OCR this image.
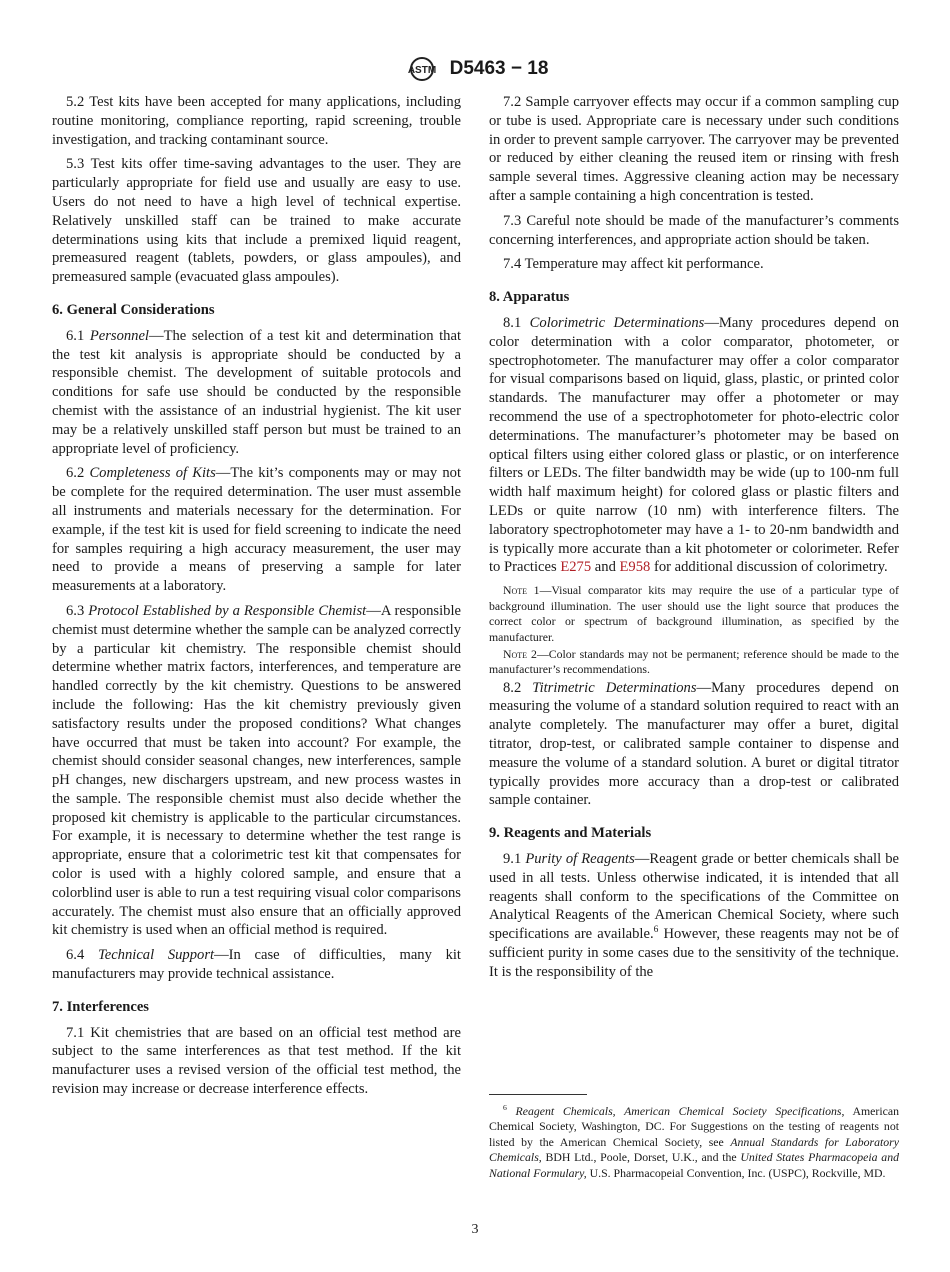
ASTM D5463 − 18
5.2 Test kits have been accepted for many applications, including routine monitoring, compliance reporting, rapid screening, trouble investigation, and tracking contaminant source.
5.3 Test kits offer time-saving advantages to the user. They are particularly appropriate for field use and usually are easy to use. Users do not need to have a high level of technical expertise. Relatively unskilled staff can be trained to make accurate determinations using kits that include a premixed liquid reagent, premeasured reagent (tablets, powders, or glass ampoules), and premeasured sample (evacuated glass ampoules).
6. General Considerations
6.1 Personnel—The selection of a test kit and determination that the test kit analysis is appropriate should be conducted by a responsible chemist. The development of suitable protocols and conditions for safe use should be conducted by the responsible chemist with the assistance of an industrial hygienist. The kit user may be a relatively unskilled staff person but must be trained to an appropriate level of proficiency.
6.2 Completeness of Kits—The kit’s components may or may not be complete for the required determination. The user must assemble all instruments and materials necessary for the determination. For example, if the test kit is used for field screening to indicate the need for samples requiring a high accuracy measurement, the user may need to provide a means of preserving a sample for later measurements at a laboratory.
6.3 Protocol Established by a Responsible Chemist—A responsible chemist must determine whether the sample can be analyzed correctly by a particular kit chemistry. The responsible chemist should determine whether matrix factors, interferences, and temperature are handled correctly by the kit chemistry. Questions to be answered include the following: Has the kit chemistry previously given satisfactory results under the proposed conditions? What changes have occurred that must be taken into account? For example, the chemist should consider seasonal changes, new interferences, sample pH changes, new dischargers upstream, and new process wastes in the sample. The responsible chemist must also decide whether the proposed kit chemistry is applicable to the particular circumstances. For example, it is necessary to determine whether the test range is appropriate, ensure that a colorimetric test kit that compensates for color is used with a highly colored sample, and ensure that a colorblind user is able to run a test requiring visual color comparisons accurately. The chemist must also ensure that an officially approved kit chemistry is used when an official method is required.
6.4 Technical Support—In case of difficulties, many kit manufacturers may provide technical assistance.
7. Interferences
7.1 Kit chemistries that are based on an official test method are subject to the same interferences as that test method. If the kit manufacturer uses a revised version of the official test method, the revision may increase or decrease interference effects.
7.2 Sample carryover effects may occur if a common sampling cup or tube is used. Appropriate care is necessary under such conditions in order to prevent sample carryover. The carryover may be prevented or reduced by either cleaning the reused item or rinsing with fresh sample several times. Aggressive cleaning action may be necessary after a sample containing a high concentration is tested.
7.3 Careful note should be made of the manufacturer’s comments concerning interferences, and appropriate action should be taken.
7.4 Temperature may affect kit performance.
8. Apparatus
8.1 Colorimetric Determinations—Many procedures depend on color determination with a color comparator, photometer, or spectrophotometer. The manufacturer may offer a color comparator for visual comparisons based on liquid, glass, plastic, or printed color standards. The manufacturer may offer a photometer or may recommend the use of a spectrophotometer for photo-electric color determinations. The manufacturer’s photometer may be based on optical filters using either colored glass or plastic, or on interference filters or LEDs. The filter bandwidth may be wide (up to 100-nm full width half maximum height) for colored glass or plastic filters and LEDs or quite narrow (10 nm) with interference filters. The laboratory spectrophotometer may have a 1- to 20-nm bandwidth and is typically more accurate than a kit photometer or colorimeter. Refer to Practices E275 and E958 for additional discussion of colorimetry.
Note 1—Visual comparator kits may require the use of a particular type of background illumination. The user should use the light source that produces the correct color or spectrum of background illumination, as specified by the manufacturer.
Note 2—Color standards may not be permanent; reference should be made to the manufacturer’s recommendations.
8.2 Titrimetric Determinations—Many procedures depend on measuring the volume of a standard solution required to react with an analyte completely. The manufacturer may offer a buret, digital titrator, drop-test, or calibrated sample container to dispense and measure the volume of a standard solution. A buret or digital titrator typically provides more accuracy than a drop-test or calibrated sample container.
9. Reagents and Materials
9.1 Purity of Reagents—Reagent grade or better chemicals shall be used in all tests. Unless otherwise indicated, it is intended that all reagents shall conform to the specifications of the Committee on Analytical Reagents of the American Chemical Society, where such specifications are available.$^6$ However, these reagents may not be of sufficient purity in some cases due to the sensitivity of the technique. It is the responsibility of the
$^6$ Reagent Chemicals, American Chemical Society Specifications, American Chemical Society, Washington, DC. For Suggestions on the testing of reagents not listed by the American Chemical Society, see Annual Standards for Laboratory Chemicals, BDH Ltd., Poole, Dorset, U.K., and the United States Pharmacopeia and National Formulary, U.S. Pharmacopeial Convention, Inc. (USPC), Rockville, MD.
3
